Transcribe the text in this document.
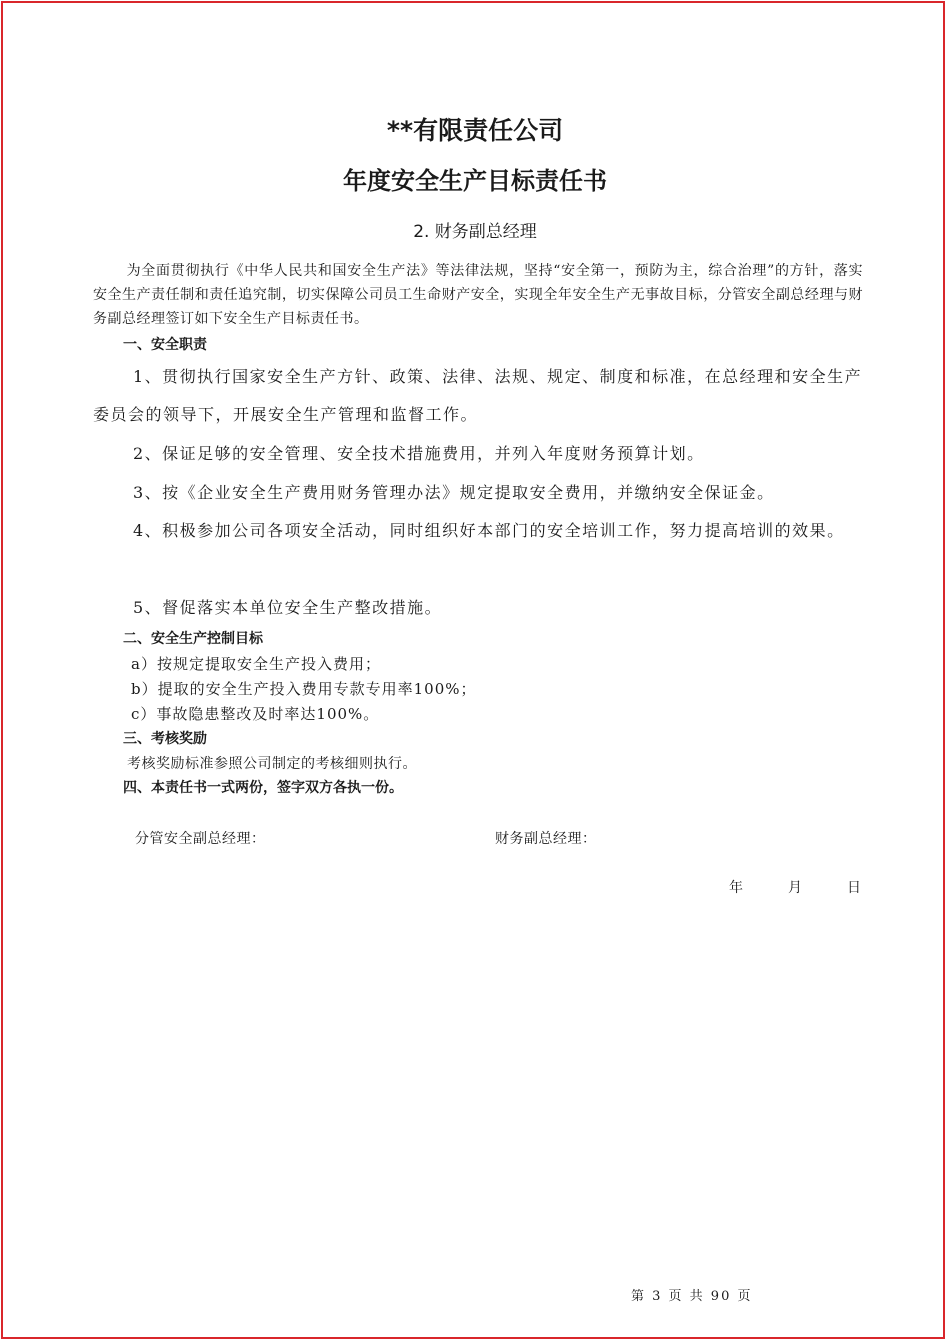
**有限责任公司
年度安全生产目标责任书
2. 财务副总经理

为全面贯彻执行《中华人民共和国安全生产法》等法律法规，坚持“安全第一，预防为主，综合治理”的方针，落实安全生产责任制和责任追究制，切实保障公司员工生命财产安全，实现全年安全生产无事故目标，分管安全副总经理与财务副总经理签订如下安全生产目标责任书。

一、安全职责

1、贯彻执行国家安全生产方针、政策、法律、法规、规定、制度和标准，在总经理和安全生产委员会的领导下，开展安全生产管理和监督工作。

2、保证足够的安全管理、安全技术措施费用，并列入年度财务预算计划。

3、按《企业安全生产费用财务管理办法》规定提取安全费用，并缴纳安全保证金。

4、积极参加公司各项安全活动，同时组织好本部门的安全培训工作，努力提高培训的效果。

5、督促落实本单位安全生产整改措施。

二、安全生产控制目标
a）按规定提取安全生产投入费用；
b）提取的安全生产投入费用专款专用率100%；
c）事故隐患整改及时率达100%。
三、考核奖励
考核奖励标准参照公司制定的考核细则执行。
四、本责任书一式两份，签字双方各执一份。
分管安全副总经理：	财务副总经理：
年	月	日
第 3 页 共 90 页
